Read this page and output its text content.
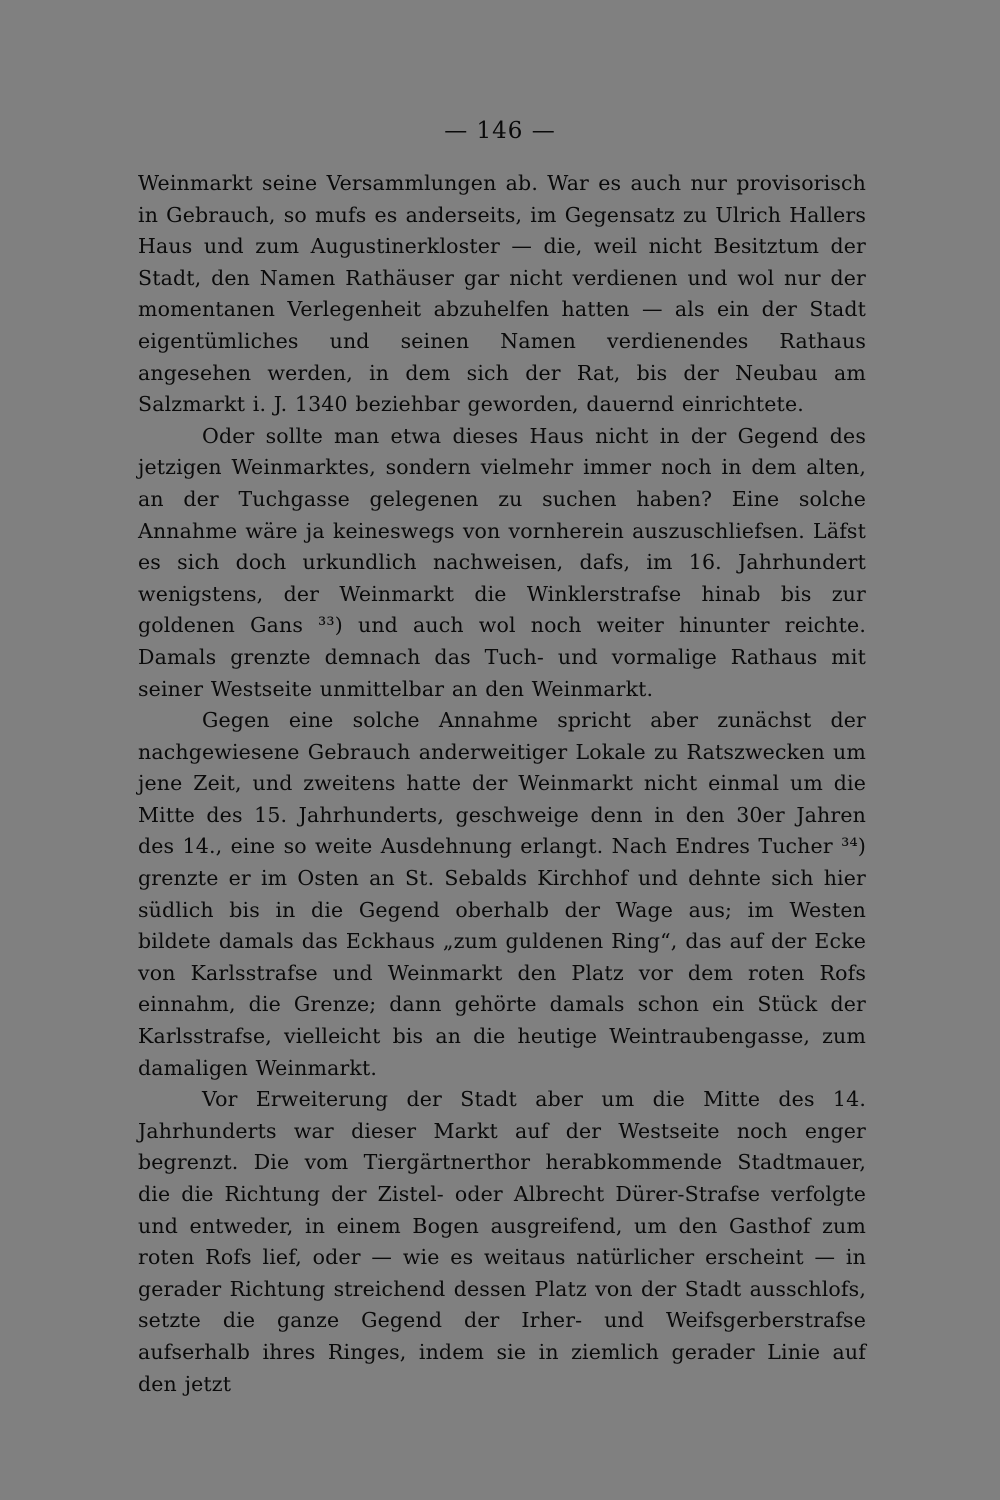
— 146 —

Weinmarkt seine Versammlungen ab. War es auch nur provisorisch in Gebrauch, so mufs es anderseits, im Gegensatz zu Ulrich Hallers Haus und zum Augustinerkloster — die, weil nicht Besitztum der Stadt, den Namen Rathäuser gar nicht verdienen und wol nur der momentanen Verlegenheit abzuhelfen hatten — als ein der Stadt eigentümliches und seinen Namen verdienendes Rathaus angesehen werden, in dem sich der Rat, bis der Neubau am Salzmarkt i. J. 1340 beziehbar geworden, dauernd einrichtete.

Oder sollte man etwa dieses Haus nicht in der Gegend des jetzigen Weinmarktes, sondern vielmehr immer noch in dem alten, an der Tuchgasse gelegenen zu suchen haben? Eine solche Annahme wäre ja keineswegs von vornherein auszuschliefsen. Läfst es sich doch urkundlich nachweisen, dafs, im 16. Jahrhundert wenigstens, der Weinmarkt die Winklerstrafse hinab bis zur goldenen Gans ³³) und auch wol noch weiter hinunter reichte. Damals grenzte demnach das Tuch- und vormalige Rathaus mit seiner Westseite unmittelbar an den Weinmarkt.

Gegen eine solche Annahme spricht aber zunächst der nachgewiesene Gebrauch anderweitiger Lokale zu Ratszwecken um jene Zeit, und zweitens hatte der Weinmarkt nicht einmal um die Mitte des 15. Jahrhunderts, geschweige denn in den 30er Jahren des 14., eine so weite Ausdehnung erlangt. Nach Endres Tucher ³⁴) grenzte er im Osten an St. Sebalds Kirchhof und dehnte sich hier südlich bis in die Gegend oberhalb der Wage aus; im Westen bildete damals das Eckhaus „zum guldenen Ring“, das auf der Ecke von Karlsstrafse und Weinmarkt den Platz vor dem roten Rofs einnahm, die Grenze; dann gehörte damals schon ein Stück der Karlsstrafse, vielleicht bis an die heutige Weintraubengasse, zum damaligen Weinmarkt.

Vor Erweiterung der Stadt aber um die Mitte des 14. Jahrhunderts war dieser Markt auf der Westseite noch enger begrenzt. Die vom Tiergärtnerthor herabkommende Stadtmauer, die die Richtung der Zistel- oder Albrecht Dürer-Strafse verfolgte und entweder, in einem Bogen ausgreifend, um den Gasthof zum roten Rofs lief, oder — wie es weitaus natürlicher erscheint — in gerader Richtung streichend dessen Platz von der Stadt ausschlofs, setzte die ganze Gegend der Irher- und Weifsgerberstrafse aufserhalb ihres Ringes, indem sie in ziemlich gerader Linie auf den jetzt
